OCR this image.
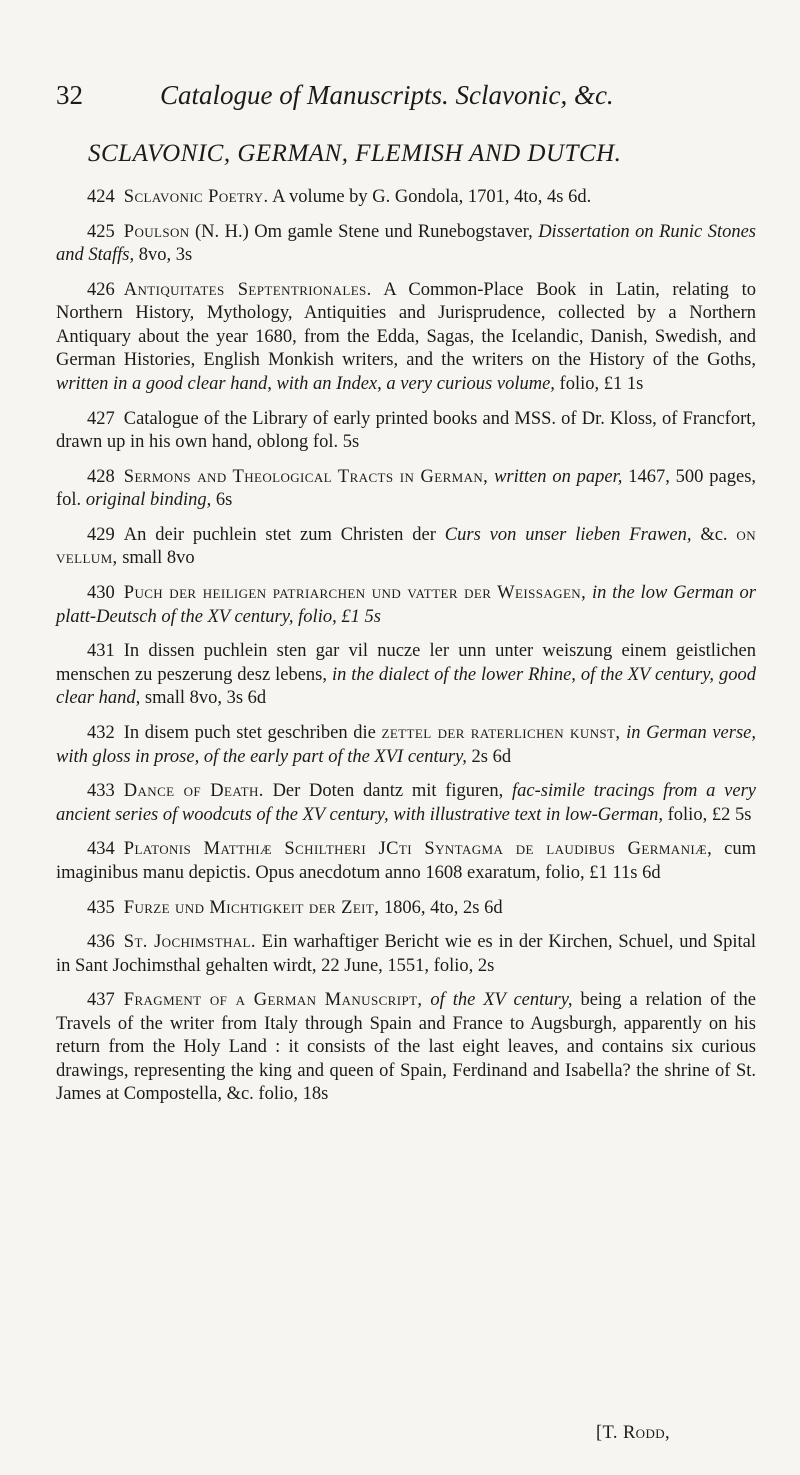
32	Catalogue of Manuscripts. Sclavonic, &c.
SCLAVONIC, GERMAN, FLEMISH AND DUTCH.

424 Sclavonic Poetry. A volume by G. Gondola, 1701, 4to, 4s 6d.

425 Poulson (N. H.) Om gamle Stene und Runebogstaver, Dissertation on Runic Stones and Staffs, 8vo, 3s

426 Antiquitates Septentrionales. A Common-Place Book in Latin, relating to Northern History, Mythology, Antiquities and Jurisprudence, collected by a Northern Antiquary about the year 1680, from the Edda, Sagas, the Icelandic, Danish, Swedish, and German Histories, English Monkish writers, and the writers on the History of the Goths, written in a good clear hand, with an Index, a very curious volume, folio, £1 1s

427 Catalogue of the Library of early printed books and MSS. of Dr. Kloss, of Francfort, drawn up in his own hand, oblong fol. 5s

428 Sermons and Theological Tracts in German, written on paper, 1467, 500 pages, fol. original binding, 6s

429 An deir puchlein stet zum Christen der Curs von unser lieben Frawen, &c. on vellum, small 8vo

430 Puch der heiligen patriarchen und vatter der Weissagen, in the low German or platt-Deutsch of the XV century, folio, £1 5s

431 In dissen puchlein sten gar vil nucze ler unn unter weiszung einem geistlichen menschen zu peszerung desz lebens, in the dialect of the lower Rhine, of the XV century, good clear hand, small 8vo, 3s 6d

432 In disem puch stet geschriben die zettel der raterlichen kunst, in German verse, with gloss in prose, of the early part of the XVI century, 2s 6d

433 Dance of Death. Der Doten dantz mit figuren, fac-simile tracings from a very ancient series of woodcuts of the XV century, with illustrative text in low-German, folio, £2 5s

434 Platonis Matthiæ Schiltheri JCti Syntagma de laudibus Germaniæ, cum imaginibus manu depictis. Opus anecdotum anno 1608 exaratum, folio, £1 11s 6d

435 Furze und Michtigkeit der Zeit, 1806, 4to, 2s 6d

436 St. Jochimsthal. Ein warhaftiger Bericht wie es in der Kirchen, Schuel, und Spital in Sant Jochimsthal gehalten wirdt, 22 June, 1551, folio, 2s

437 Fragment of a German Manuscript, of the XV century, being a relation of the Travels of the writer from Italy through Spain and France to Augsburgh, apparently on his return from the Holy Land : it consists of the last eight leaves, and contains six curious drawings, representing the king and queen of Spain, Ferdinand and Isabella? the shrine of St. James at Compostella, &c. folio, 18s

[T. Rodd,
